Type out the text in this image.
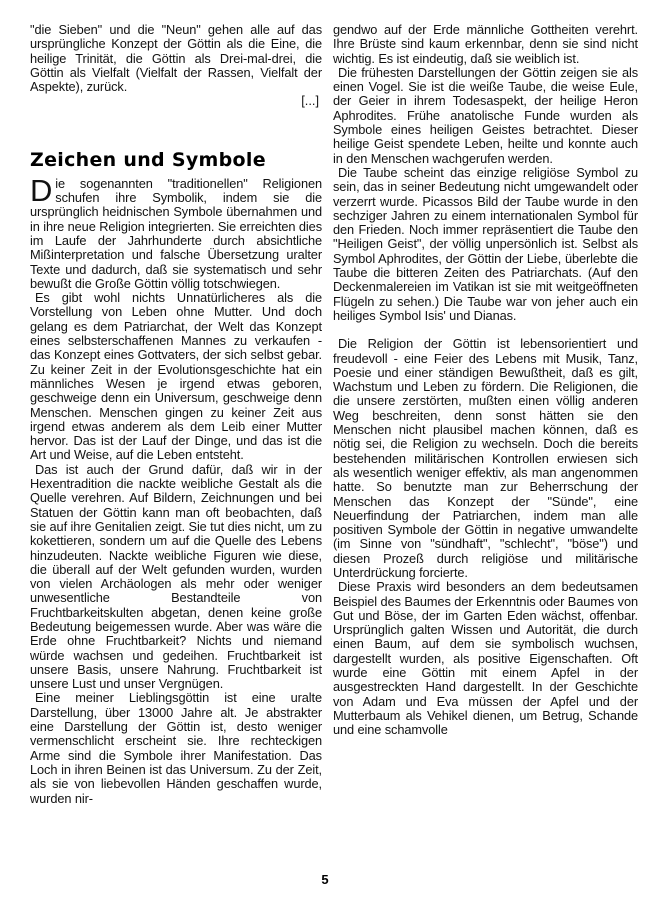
"die Sieben" und die "Neun" gehen alle auf das ursprüngliche Konzept der Göttin als die Eine, die heilige Trinität, die Göttin als Drei-mal-drei, die Göttin als Vielfalt (Vielfalt der Rassen, Vielfalt der Aspekte), zurück.

[...]
Zeichen und Symbole

Die sogenannten "traditionellen" Religionen schufen ihre Symbolik, indem sie die ursprünglich heidnischen Symbole übernahmen und in ihre neue Religion integrierten. Sie erreichten dies im Laufe der Jahrhunderte durch absichtliche Mißinterpretation und falsche Übersetzung uralter Texte und dadurch, daß sie systematisch und sehr bewußt die Große Göttin völlig totschwiegen.

Es gibt wohl nichts Unnatürlicheres als die Vorstellung von Leben ohne Mutter. Und doch gelang es dem Patriarchat, der Welt das Konzept eines selbsterschaffenen Mannes zu verkaufen - das Konzept eines Gottvaters, der sich selbst gebar. Zu keiner Zeit in der Evolutionsgeschichte hat ein männliches Wesen je irgend etwas geboren, geschweige denn ein Universum, geschweige denn Menschen. Menschen gingen zu keiner Zeit aus irgend etwas anderem als dem Leib einer Mutter hervor. Das ist der Lauf der Dinge, und das ist die Art und Weise, auf die Leben entsteht.

Das ist auch der Grund dafür, daß wir in der Hexentradition die nackte weibliche Gestalt als die Quelle verehren. Auf Bildern, Zeichnungen und bei Statuen der Göttin kann man oft beobachten, daß sie auf ihre Genitalien zeigt. Sie tut dies nicht, um zu kokettieren, sondern um auf die Quelle des Lebens hinzudeuten. Nackte weibliche Figuren wie diese, die überall auf der Welt gefunden wurden, wurden von vielen Archäologen als mehr oder weniger unwesentliche Bestandteile von Fruchtbarkeitskulten abgetan, denen keine große Bedeutung beigemessen wurde. Aber was wäre die Erde ohne Fruchtbarkeit? Nichts und niemand würde wachsen und gedeihen. Fruchtbarkeit ist unsere Basis, unsere Nahrung. Fruchtbarkeit ist unsere Lust und unser Vergnügen.

Eine meiner Lieblingsgöttin ist eine uralte Darstellung, über 13000 Jahre alt. Je abstrakter eine Darstellung der Göttin ist, desto weniger vermenschlicht erscheint sie. Ihre rechteckigen Arme sind die Symbole ihrer Manifestation. Das Loch in ihren Beinen ist das Universum. Zu der Zeit, als sie von liebevollen Händen geschaffen wurde, wurden nir-

gendwo auf der Erde männliche Gottheiten verehrt. Ihre Brüste sind kaum erkennbar, denn sie sind nicht wichtig. Es ist eindeutig, daß sie weiblich ist.

Die frühesten Darstellungen der Göttin zeigen sie als einen Vogel. Sie ist die weiße Taube, die weise Eule, der Geier in ihrem Todesaspekt, der heilige Heron Aphrodites. Frühe anatolische Funde wurden als Symbole eines heiligen Geistes betrachtet. Dieser heilige Geist spendete Leben, heilte und konnte auch in den Menschen wachgerufen werden.

Die Taube scheint das einzige religiöse Symbol zu sein, das in seiner Bedeutung nicht umgewandelt oder verzerrt wurde. Picassos Bild der Taube wurde in den sechziger Jahren zu einem internationalen Symbol für den Frieden. Noch immer repräsentiert die Taube den "Heiligen Geist", der völlig unpersönlich ist. Selbst als Symbol Aphrodites, der Göttin der Liebe, überlebte die Taube die bitteren Zeiten des Patriarchats. (Auf den Deckenmalereien im Vatikan ist sie mit weitgeöffneten Flügeln zu sehen.) Die Taube war von jeher auch ein heiliges Symbol Isis' und Dianas.

Die Religion der Göttin ist lebensorientiert und freudevoll - eine Feier des Lebens mit Musik, Tanz, Poesie und einer ständigen Bewußtheit, daß es gilt, Wachstum und Leben zu fördern. Die Religionen, die die unsere zerstörten, mußten einen völlig anderen Weg beschreiten, denn sonst hätten sie den Menschen nicht plausibel machen können, daß es nötig sei, die Religion zu wechseln. Doch die bereits bestehenden militärischen Kontrollen erwiesen sich als wesentlich weniger effektiv, als man angenommen hatte. So benutzte man zur Beherrschung der Menschen das Konzept der "Sünde", eine Neuerfindung der Patriarchen, indem man alle positiven Symbole der Göttin in negative umwandelte (im Sinne von "sündhaft", "schlecht", "böse") und diesen Prozeß durch religiöse und militärische Unterdrückung forcierte.

Diese Praxis wird besonders an dem bedeutsamen Beispiel des Baumes der Erkenntnis oder Baumes von Gut und Böse, der im Garten Eden wächst, offenbar. Ursprünglich galten Wissen und Autorität, die durch einen Baum, auf dem sie symbolisch wuchsen, dargestellt wurden, als positive Eigenschaften. Oft wurde eine Göttin mit einem Apfel in der ausgestreckten Hand dargestellt. In der Geschichte von Adam und Eva müssen der Apfel und der Mutterbaum als Vehikel dienen, um Betrug, Schande und eine schamvolle

5
